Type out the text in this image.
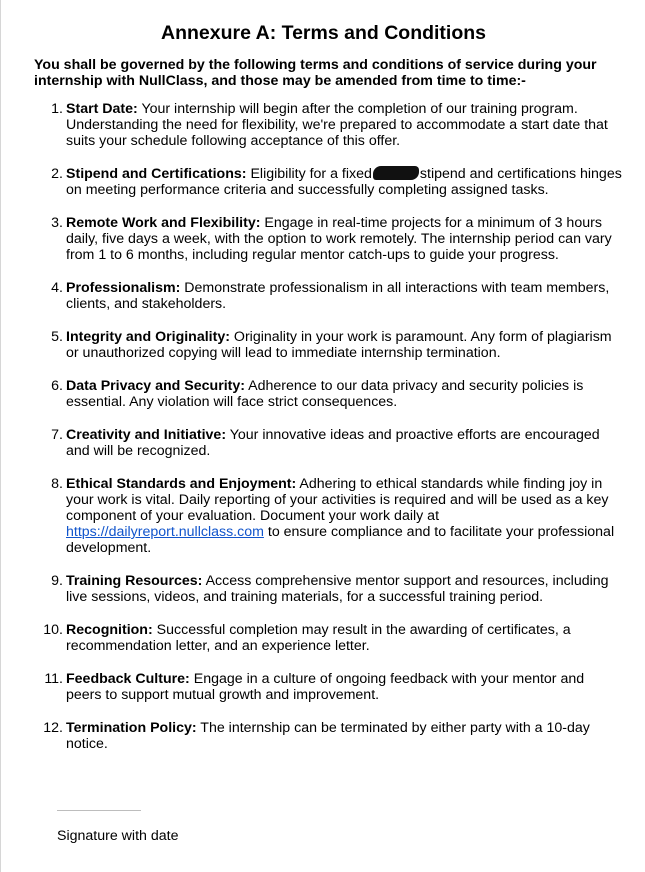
Annexure A: Terms and Conditions

You shall be governed by the following terms and conditions of service during your internship with NullClass, and those may be amended from time to time:-

1. Start Date: Your internship will begin after the completion of our training program. Understanding the need for flexibility, we're prepared to accommodate a start date that suits your schedule following acceptance of this offer.
2. Stipend and Certifications: Eligibility for a fixed	stipend and certifications hinges on meeting performance criteria and successfully completing assigned tasks.
3. Remote Work and Flexibility: Engage in real-time projects for a minimum of 3 hours daily, five days a week, with the option to work remotely. The internship period can vary from 1 to 6 months, including regular mentor catch-ups to guide your progress.
4. Professionalism: Demonstrate professionalism in all interactions with team members, clients, and stakeholders.
5. Integrity and Originality: Originality in your work is paramount. Any form of plagiarism or unauthorized copying will lead to immediate internship termination.
6. Data Privacy and Security: Adherence to our data privacy and security policies is essential. Any violation will face strict consequences.
7. Creativity and Initiative: Your innovative ideas and proactive efforts are encouraged and will be recognized.
8. Ethical Standards and Enjoyment: Adhering to ethical standards while finding joy in your work is vital. Daily reporting of your activities is required and will be used as a key component of your evaluation. Document your work daily at https://dailyreport.nullclass.com to ensure compliance and to facilitate your professional development.
9. Training Resources: Access comprehensive mentor support and resources, including live sessions, videos, and training materials, for a successful training period.
10. Recognition: Successful completion may result in the awarding of certificates, a recommendation letter, and an experience letter.
11. Feedback Culture: Engage in a culture of ongoing feedback with your mentor and peers to support mutual growth and improvement.
12. Termination Policy: The internship can be terminated by either party with a 10-day notice.
Signature with date
